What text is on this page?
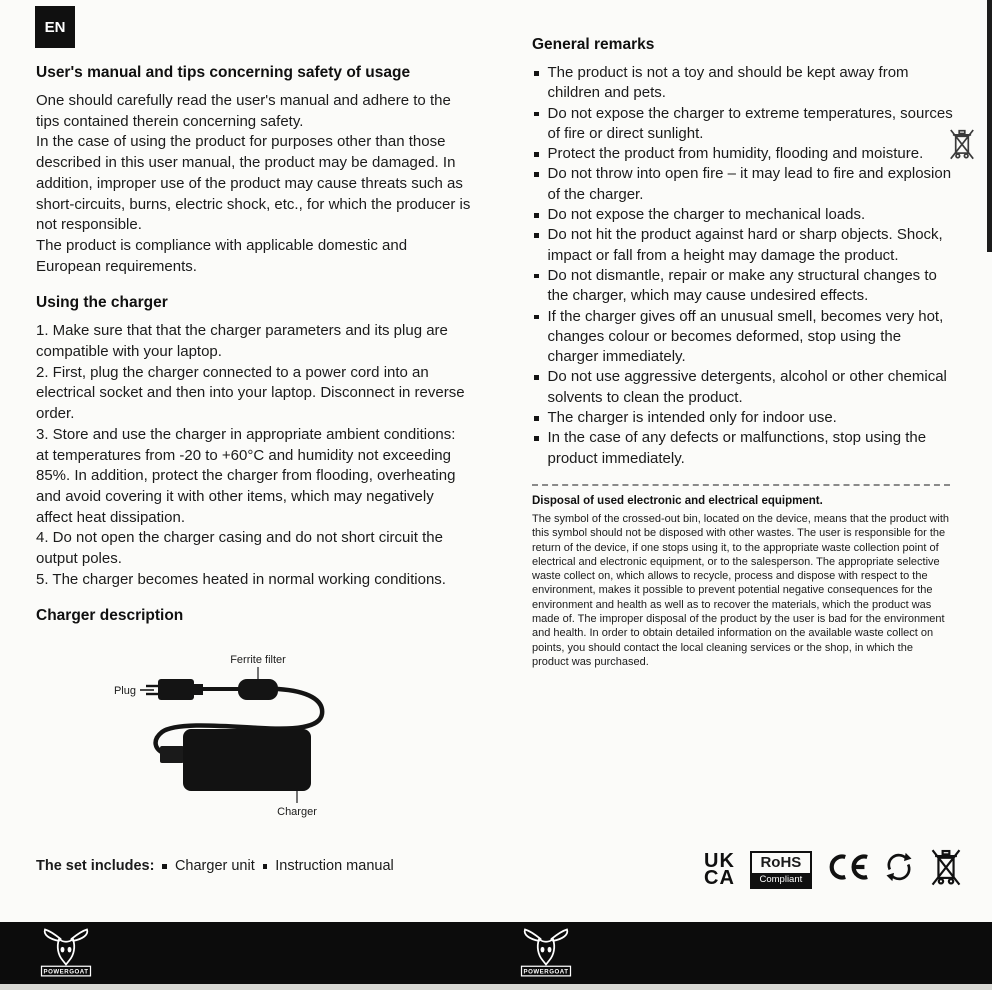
EN
User's manual and tips concerning safety of usage

One should carefully read the user's manual and adhere to the tips contained therein concerning safety.

In the case of using the product for purposes other than those described in this user manual, the product may be damaged. In addition, improper use of the product may cause threats such as short-circuits, burns, electric shock, etc., for which the producer is not responsible.

The product is compliance with applicable domestic and European requirements.

Using the charger

1. Make sure that that the charger parameters and its plug are compatible with your laptop.

2. First, plug the charger connected to a power cord into an electrical socket and then into your laptop. Disconnect in reverse order.

3. Store and use the charger in appropriate ambient conditions: at temperatures from -20 to +60°C and humidity not exceeding 85%. In addition, protect the charger from flooding, overheating and avoid covering it with other items, which may negatively affect heat dissipation.

4. Do not open the charger casing and do not short circuit the output poles.

5. The charger becomes heated in normal working conditions.

Charger description
Ferrite filter
Plug
Charger
The set includes: Charger unit Instruction manual
General remarks
The product is not a toy and should be kept away from children and pets.
Do not expose the charger to extreme temperatures, sources of fire or direct sunlight.
Protect the product from humidity, flooding and moisture.
Do not throw into open fire – it may lead to fire and explosion of the charger.
Do not expose the charger to mechanical loads.
Do not hit the product against hard or sharp objects. Shock, impact or fall from a height may damage the product.
Do not dismantle, repair or make any structural changes to the charger, which may cause undesired effects.
If the charger gives off an unusual smell, becomes very hot, changes colour or becomes deformed, stop using the charger immediately.
Do not use aggressive detergents, alcohol or other chemical solvents to clean the product.
The charger is intended only for indoor use.
In the case of any defects or malfunctions, stop using the product immediately.
Disposal of used electronic and electrical equipment.
The symbol of the crossed-out bin, located on the device, means that the product with this symbol should not be disposed with other wastes. The user is responsible for the return of the device, if one stops using it, to the appropriate waste collection point of electrical and electronic equipment, or to the salesperson. The appropriate selective waste collect on, which allows to recycle, process and dispose with respect to the environment, makes it possible to prevent potential negative consequences for the environment and health as well as to recover the materials, which the product was made of. The improper disposal of the product by the user is bad for the environment and health. In order to obtain detailed information on the available waste collect on points, you should contact the local cleaning services or the shop, in which the product was purchased.
UK
CA
RoHS
Compliant
POWERGOAT	POWERGOAT
